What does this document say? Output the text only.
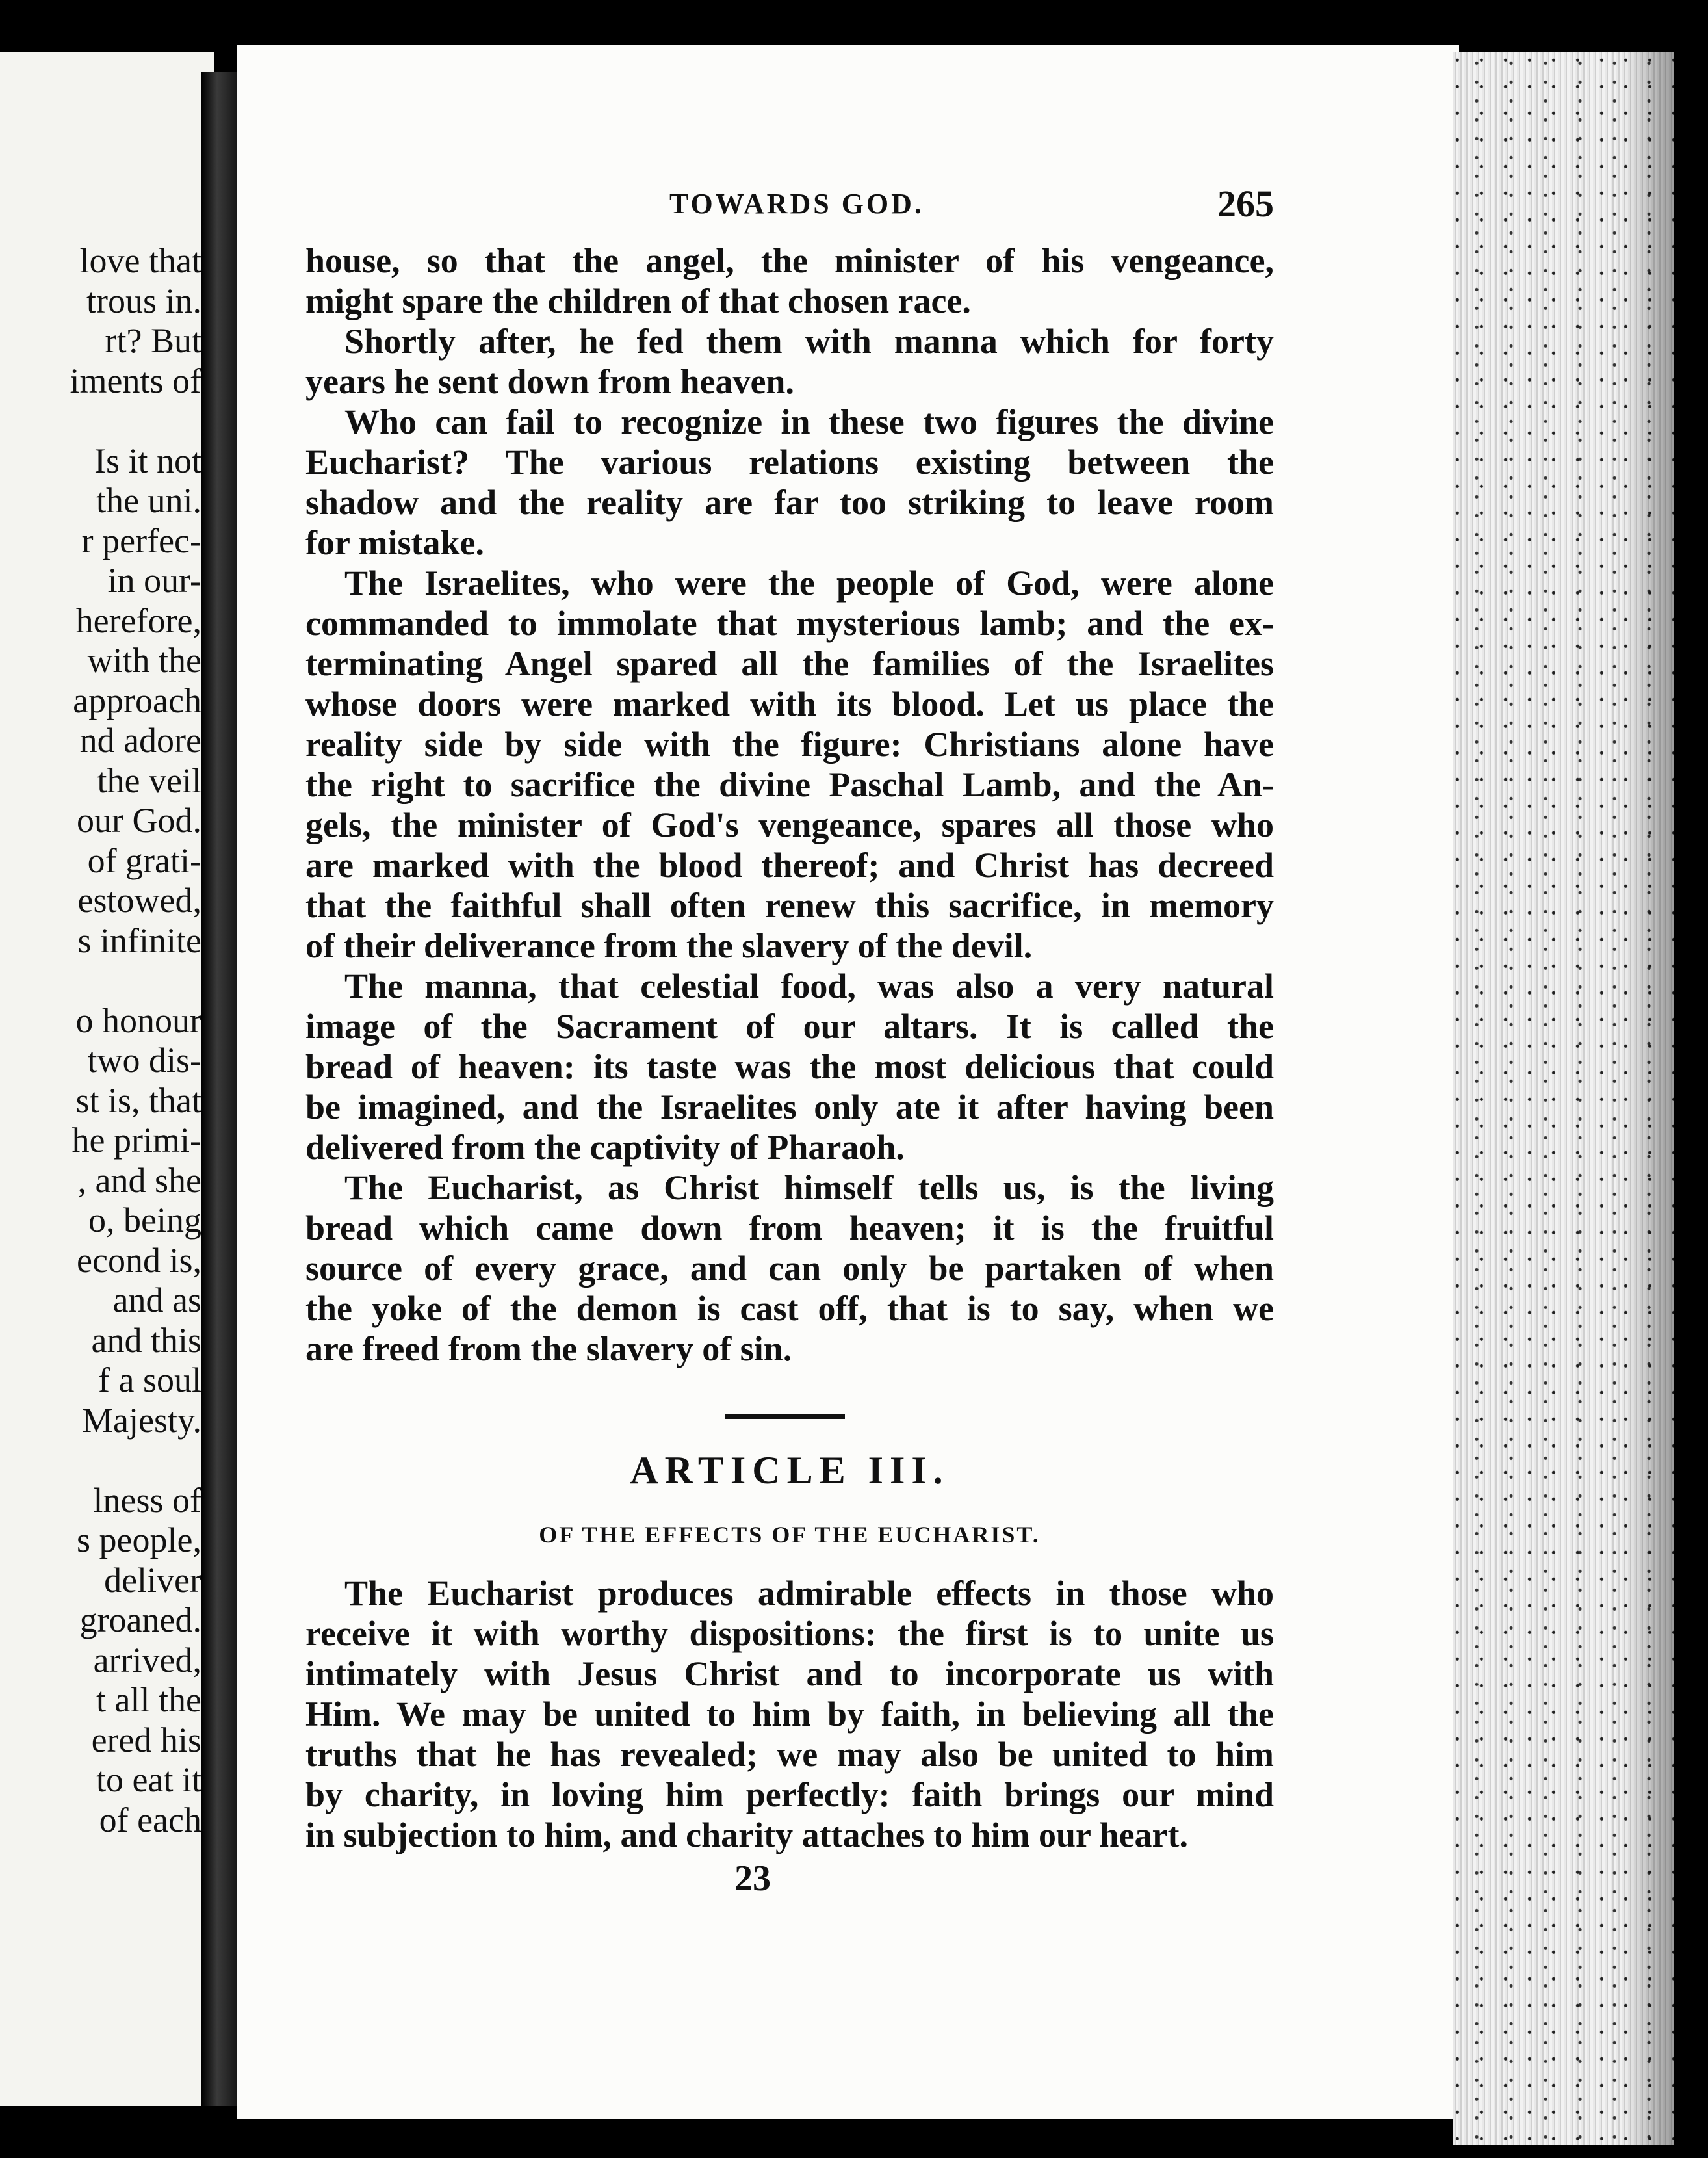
love that
trous in.
rt? But
iments of
Is it not
the uni.
r perfec-
in our-
herefore,
with the
approach
nd adore
the veil
our God.
of grati-
estowed,
s infinite
o honour
two dis-
st is, that
he primi-
, and she
o, being
econd is,
and as
and this
f a soul
Majesty.
lness of
s people,
deliver
groaned.
arrived,
t all the
ered his
to eat it
of each
TOWARDS GOD.	265
house, so that the angel, the minister of his vengeance,
might spare the children of that chosen race.
Shortly after, he fed them with manna which for forty
years he sent down from heaven.
Who can fail to recognize in these two figures the divine
Eucharist? The various relations existing between the
shadow and the reality are far too striking to leave room
for mistake.
The Israelites, who were the people of God, were alone
commanded to immolate that mysterious lamb; and the ex-
terminating Angel spared all the families of the Israelites
whose doors were marked with its blood. Let us place the
reality side by side with the figure: Christians alone have
the right to sacrifice the divine Paschal Lamb, and the An-
gels, the minister of God's vengeance, spares all those who
are marked with the blood thereof; and Christ has decreed
that the faithful shall often renew this sacrifice, in memory
of their deliverance from the slavery of the devil.
The manna, that celestial food, was also a very natural
image of the Sacrament of our altars. It is called the
bread of heaven: its taste was the most delicious that could
be imagined, and the Israelites only ate it after having been
delivered from the captivity of Pharaoh.
The Eucharist, as Christ himself tells us, is the living
bread which came down from heaven; it is the fruitful
source of every grace, and can only be partaken of when
the yoke of the demon is cast off, that is to say, when we
are freed from the slavery of sin.
ARTICLE III.
OF THE EFFECTS OF THE EUCHARIST.
The Eucharist produces admirable effects in those who
receive it with worthy dispositions: the first is to unite us
intimately with Jesus Christ and to incorporate us with
Him. We may be united to him by faith, in believing all the
truths that he has revealed; we may also be united to him
by charity, in loving him perfectly: faith brings our mind
in subjection to him, and charity attaches to him our heart.
23
